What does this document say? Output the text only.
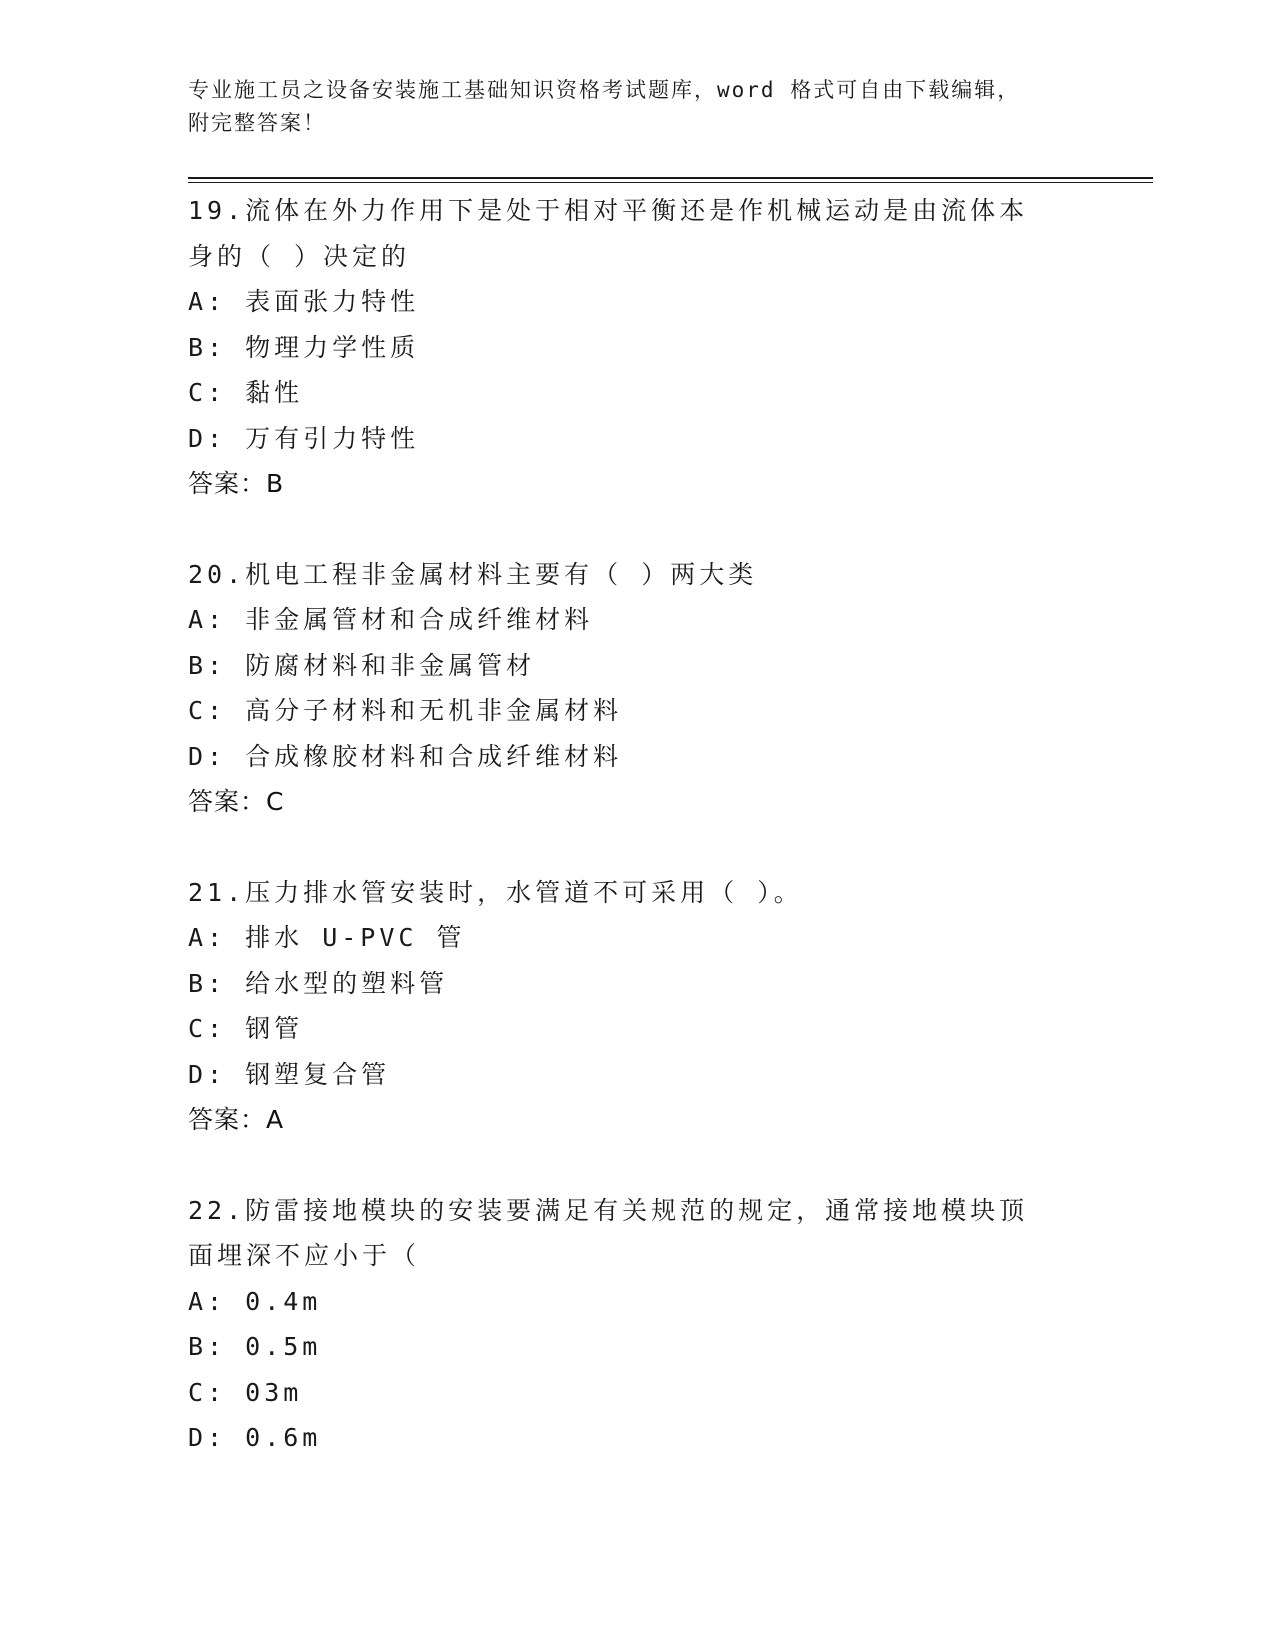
专业施工员之设备安装施工基础知识资格考试题库，word 格式可自由下载编辑，
附完整答案！
19.流体在外力作用下是处于相对平衡还是作机械运动是由流体本身的（ ）决定的
A: 表面张力特性
B: 物理力学性质
C: 黏性
D: 万有引力特性
答案：B
20.机电工程非金属材料主要有（ ）两大类
A: 非金属管材和合成纤维材料
B: 防腐材料和非金属管材
C: 高分子材料和无机非金属材料
D: 合成橡胶材料和合成纤维材料
答案：C
21.压力排水管安装时，水管道不可采用（ ）。
A: 排水 U-PVC 管
B: 给水型的塑料管
C: 钢管
D: 钢塑复合管
答案：A
22.防雷接地模块的安装要满足有关规范的规定，通常接地模块顶面埋深不应小于（
A: 0.4m
B: 0.5m
C: 03m
D: 0.6m
